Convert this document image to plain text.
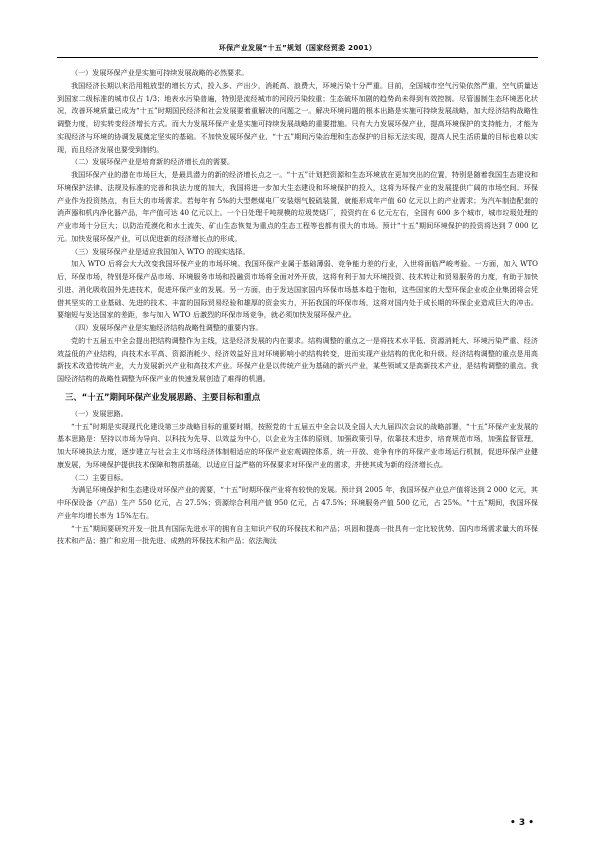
环保产业发展“十五”规划（国家经贸委 2001）

（一）发展环保产业是实施可持续发展战略的必然要求。

我国经济长期以来沿用粗放型的增长方式，投入多、产出少，消耗高、浪费大，环境污染十分严重。目前，全国城市空气污染依然严重，空气质量达到国家二级标准的城市仅占 1/3；地表水污染普遍，特别是流经城市的河段污染较重；生态破坏加剧的趋势尚未得到有效控制。尽管遏制生态环境恶化状况，改善环境质量已成为“十五”时期国民经济和社会发展要着重解决的问题之一。解决环境问题的根本出路是实施可持续发展战略，加大经济结构战略性调整力度，切实转变经济增长方式。而大力发展环保产业是实施可持续发展战略的重要措施。只有大力发展环保产业，提高环境保护的支持能力，才能为实现经济与环境的协调发展奠定坚实的基础。不加快发展环保产业，“十五”期间污染治理和生态保护的目标无法实现，提高人民生活质量的目标也难以实现，而且经济发展也要受到制约。

（二）发展环保产业是培育新的经济增长点的需要。

我国环保产业的潜在市场巨大，是最具潜力的新的经济增长点之一。“十五”计划把资源和生态环境放在更加突出的位置，特别是随着我国生态建设和环境保护法律、法规及标准的完善和执法力度的加大，我国将进一步加大生态建设和环境保护的投入，这将为环保产业的发展提供广阔的市场空间。环保产业作为投资热点，有巨大的市场需求。若每年有 5%的大型燃煤电厂安装烟气脱硫装置，就能形成年产值 60 亿元以上的产业需求；为汽车制造配套的消声器和机内净化器产品，年产值可达 40 亿元以上。一个日处理千吨规模的垃圾焚烧厂，投资约在 6 亿元左右，全国有 600 多个城市，城市垃圾处理的产业市场十分巨大；以防治荒漠化和水土流失、矿山生态恢复为重点的生态工程等也都有很大的市场。预计“十五”期间环境保护的投资将达到 7 000 亿元。加快发展环保产业，可以促进新的经济增长点的形成。

（三）发展环保产业是适应我国加入 WTO 的现实选择。

加入 WTO 后将会大大改变我国环保产业的市场环境。我国环保产业属于基础薄弱、竞争能力差的行业，入世将面临严峻考验。一方面，加入 WTO 后，环保市场，特别是环保产品市场、环境服务市场和投融资市场将全面对外开放，这将有利于加大环境投资、技术转让和贸易服务的力度，有助于加快引进、消化吸收国外先进技术，促进环保产业的发展。另一方面，由于发达国家国内环保市场基本趋于饱和，这些国家的大型环保企业或企业集团将会凭借其坚实的工业基础、先进的技术、丰富的国际贸易经验和雄厚的资金实力，开拓我国的环保市场，这将对国内处于成长期的环保企业造成巨大的冲击。要缩短与发达国家的差距，参与加入 WTO 后激烈的环保市场竞争，就必须加快发展环保产业。

（四）发展环保产业是实施经济结构战略性调整的重要内容。

党的十五届五中全会提出把结构调整作为主线，这是经济发展的内在要求。结构调整的重点之一是将技术水平低、资源消耗大、环境污染严重、经济效益低的产业结构，向技术水平高、资源消耗少、经济效益好且对环境影响小的结构转变，进而实现产业结构的优化和升级。经济结构调整的重点是用高新技术改造传统产业，大力发展新兴产业和高技术产业。环保产业是以传统产业为基础的新兴产业，某些领域又是高新技术产业，是结构调整的重点。我国经济结构的战略性调整为环保产业的快速发展创造了难得的机遇。

三、“十五”期间环保产业发展思路、主要目标和重点

（一）发展思路。

“十五”时期是实现现代化建设第三步战略目标的重要时期，按照党的十五届五中全会以及全国人大九届四次会议的战略部署，“十五”环保产业发展的基本思路是：坚持以市场为导向、以科技为先导、以效益为中心，以企业为主体的原则，加强政策引导，依靠技术进步，培育规范市场，加强监督管理，加大环境执法力度，逐步建立与社会主义市场经济体制相适应的环保产业宏观调控体系，统一开放、竞争有序的环保产业市场运行机制，促进环保产业健康发展，为环境保护提供技术保障和物质基础，以适应日益严格的环保要求对环保产业的需求，并使其成为新的经济增长点。

（二）主要目标。

为满足环境保护和生态建设对环保产业的需要，“十五”时期环保产业将有较快的发展。预计到 2005 年，我国环保产业总产值将达到 2 000 亿元，其中环保设备（产品）生产 550 亿元，占 27.5%；资源综合利用产值 950 亿元，占 47.5%；环境服务产值 500 亿元，占 25%。“十五”期间，我国环保产业年均增长率为 15%左右。

“十五”期间要研究开发一批具有国际先进水平的拥有自主知识产权的环保技术和产品；巩固和提高一批具有一定比较优势、国内市场需求量大的环保技术和产品；推广和应用一批先进、成熟的环保技术和产品；依法淘汰

• 3 •
